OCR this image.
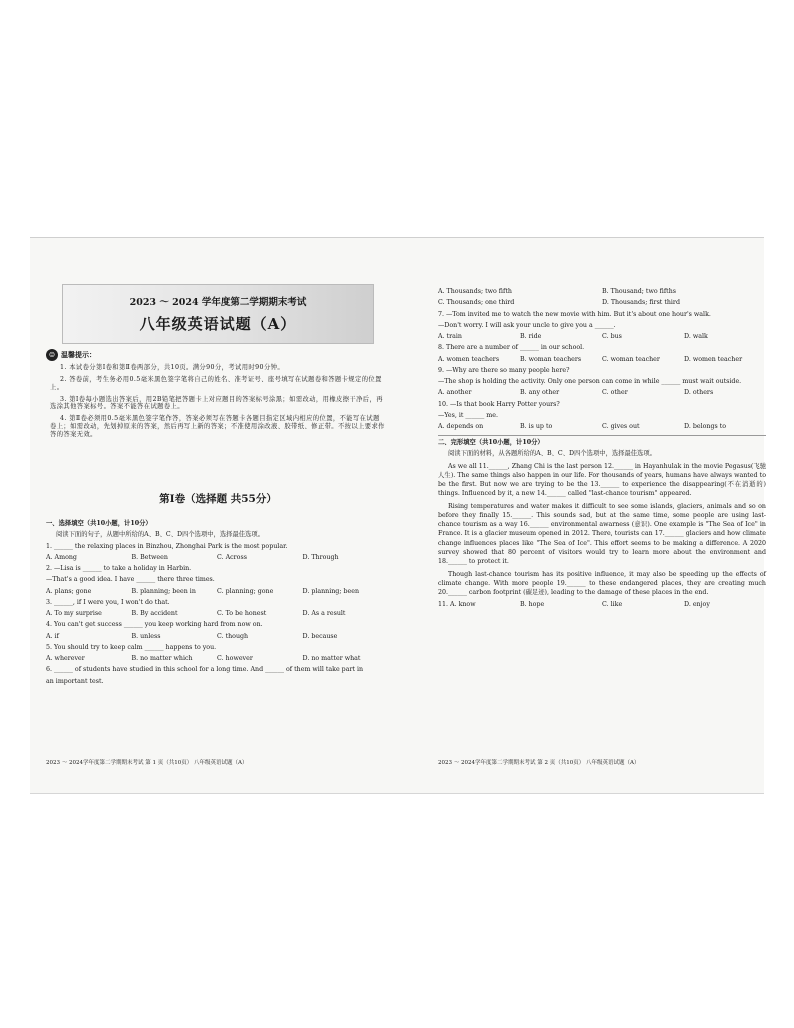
2023 ～ 2024 学年度第二学期期末考试
八年级英语试题（A）
☺ 温馨提示：

1. 本试卷分第Ⅰ卷和第Ⅱ卷两部分，共10页。满分90分，考试用时90分钟。

2. 答卷前，考生务必用0.5毫米黑色签字笔将自己的姓名、准考证号、座号填写在试题卷和答题卡规定的位置上。

3. 第Ⅰ卷每小题选出答案后，用2B铅笔把答题卡上对应题目的答案标号涂黑；如需改动，用橡皮擦干净后，再选涂其他答案标号。答案不能答在试题卷上。

4. 第Ⅱ卷必须用0.5毫米黑色签字笔作答，答案必须写在答题卡各题目指定区域内相应的位置，不能写在试题卷上；如需改动，先划掉原来的答案，然后再写上新的答案；不准使用涂改液、胶带纸、修正带。不按以上要求作答的答案无效。

第Ⅰ卷（选择题 共55分）
一、选择填空（共10小题，计10分）
阅读下面的句子，从题中所给的A、B、C、D四个选项中，选择最佳选项。
1. ______ the relaxing places in Binzhou, Zhonghai Park is the most popular.
A. Among	B. Between	C. Across	D. Through
2. —Lisa is ______ to take a holiday in Harbin.
—That's a good idea. I have ______ there three times.
A. plans; gone	B. planning; been in	C. planning; gone	D. planning; been
3. ______, if I were you, I won't do that.
A. To my surprise	B. By accident	C. To be honest	D. As a result
4. You can't get success ______ you keep working hard from now on.
A. if	B. unless	C. though	D. because
5. You should try to keep calm ______ happens to you.
A. wherever	B. no matter which	C. however	D. no matter what
6. ______ of students have studied in this school for a long time. And ______ of them will take part in
an important test.
2023 ～ 2024学年度第二学期期末考试 第 1 页（共10页） 八年级英语试题（A）
A. Thousands; two fifth	B. Thousand; two fifths
C. Thousands; one third	D. Thousands; first third
7. —Tom invited me to watch the new movie with him. But it's about one hour's walk.
—Don't worry. I will ask your uncle to give you a ______.
A. train	B. ride	C. bus	D. walk
8. There are a number of ______ in our school.
A. women teachers	B. woman teachers	C. woman teacher	D. women teacher
9. —Why are there so many people here?
—The shop is holding the activity. Only one person can come in while ______ must wait outside.
A. another	B. any other	C. other	D. others
10. —Is that book Harry Potter yours?
—Yes, it ______ me.
A. depends on	B. is up to	C. gives out	D. belongs to
二、完形填空（共10小题，计10分）
阅读下面的材料，从各题所给的A、B、C、D四个选项中，选择最佳选项。

As we all 11.______, Zhang Chi is the last person 12.______ in Hayanhulak in the movie Pegasus(飞驰人生). The same things also happen in our life. For thousands of years, humans have always wanted to be the first. But now we are trying to be the 13.______ to experience the disappearing(不在消逝的) things. Influenced by it, a new 14.______ called "last-chance tourism" appeared.

Rising temperatures and water makes it difficult to see some islands, glaciers, animals and so on before they finally 15.______. This sounds sad, but at the same time, some people are using last-chance tourism as a way 16.______ environmental awarness (意识). One example is "The Sea of Ice" in France. It is a glacier museum opened in 2012. There, tourists can 17.______ glaciers and how climate change influences places like "The Sea of Ice". This effort seems to be making a difference. A 2020 survey showed that 80 percent of visitors would try to learn more about the environment and 18.______ to protect it.

Though last-chance tourism has its positive influence, it may also be speeding up the effects of climate change. With more people 19.______ to these endangered places, they are creating much 20.______ carbon footprint (碳足迹), leading to the damage of these places in the end.

11. A. know	B. hope	C. like	D. enjoy
2023 ～ 2024学年度第二学期期末考试 第 2 页（共10页） 八年级英语试题（A）
